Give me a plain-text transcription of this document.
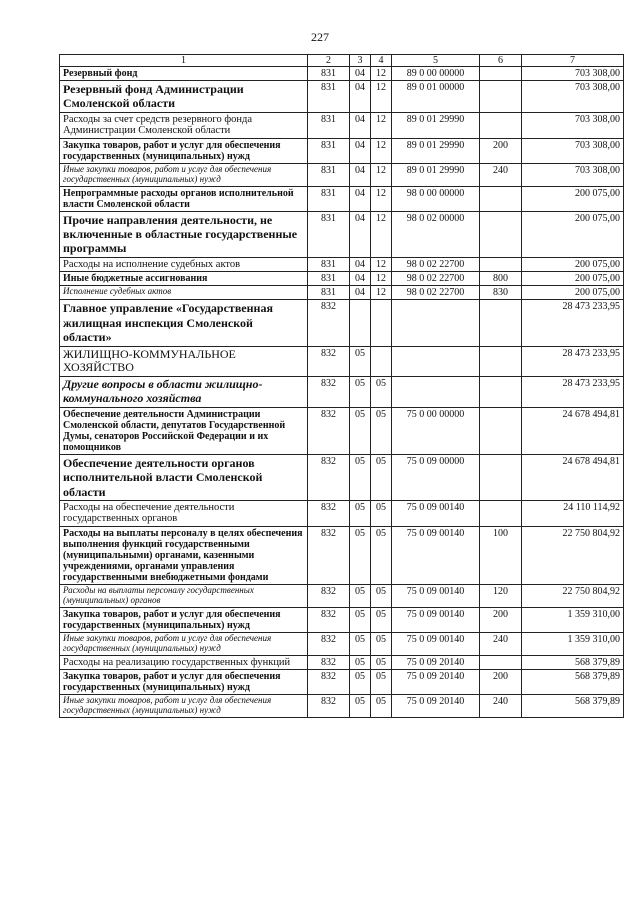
227
1	2	3	4	5	6	7
Резервный фонд	831	04	12	89 0 00 00000		703 308,00
Резервный фонд Администрации Смоленской области	831	04	12	89 0 01 00000		703 308,00
Расходы за счет средств резервного фонда Администрации Смоленской области	831	04	12	89 0 01 29990		703 308,00
Закупка товаров, работ и услуг для обеспечения государственных (муниципальных) нужд	831	04	12	89 0 01 29990	200	703 308,00
Иные закупки товаров, работ и услуг для обеспечения государственных (муниципальных) нужд	831	04	12	89 0 01 29990	240	703 308,00
Непрограммные расходы органов исполнительной власти Смоленской области	831	04	12	98 0 00 00000		200 075,00
Прочие направления деятельности, не включенные в областные государственные программы	831	04	12	98 0 02 00000		200 075,00
Расходы на исполнение судебных актов	831	04	12	98 0 02 22700		200 075,00
Иные бюджетные ассигнования	831	04	12	98 0 02 22700	800	200 075,00
Исполнение судебных актов	831	04	12	98 0 02 22700	830	200 075,00
Главное управление «Государственная жилищная инспекция Смоленской области»	832					28 473 233,95
ЖИЛИЩНО-КОММУНАЛЬНОЕ ХОЗЯЙСТВО	832	05				28 473 233,95
Другие вопросы в области жилищно-коммунального хозяйства	832	05	05			28 473 233,95
Обеспечение деятельности Администрации Смоленской области, депутатов Государственной Думы, сенаторов Российской Федерации и их помощников	832	05	05	75 0 00 00000		24 678 494,81
Обеспечение деятельности органов исполнительной власти Смоленской области	832	05	05	75 0 09 00000		24 678 494,81
Расходы на обеспечение деятельности государственных органов	832	05	05	75 0 09 00140		24 110 114,92
Расходы на выплаты персоналу в целях обеспечения выполнения функций государственными (муниципальными) органами, казенными учреждениями, органами управления государственными внебюджетными фондами	832	05	05	75 0 09 00140	100	22 750 804,92
Расходы на выплаты персоналу государственных (муниципальных) органов	832	05	05	75 0 09 00140	120	22 750 804,92
Закупка товаров, работ и услуг для обеспечения государственных (муниципальных) нужд	832	05	05	75 0 09 00140	200	1 359 310,00
Иные закупки товаров, работ и услуг для обеспечения государственных (муниципальных) нужд	832	05	05	75 0 09 00140	240	1 359 310,00
Расходы на реализацию государственных функций	832	05	05	75 0 09 20140		568 379,89
Закупка товаров, работ и услуг для обеспечения государственных (муниципальных) нужд	832	05	05	75 0 09 20140	200	568 379,89
Иные закупки товаров, работ и услуг для обеспечения государственных (муниципальных) нужд	832	05	05	75 0 09 20140	240	568 379,89
